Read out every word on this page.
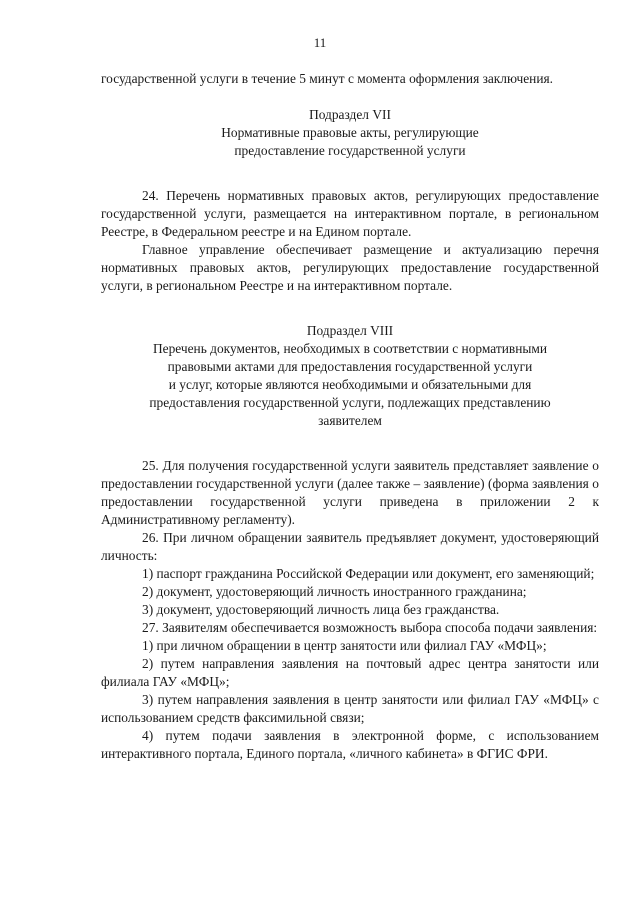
11

государственной услуги в течение 5 минут с момента оформления заключения.

Подраздел VII
Нормативные правовые акты, регулирующие
предоставление государственной услуги

24. Перечень нормативных правовых актов, регулирующих предоставление государственной услуги, размещается на интерактивном портале, в региональном Реестре, в Федеральном реестре и на Едином портале.

Главное управление обеспечивает размещение и актуализацию перечня нормативных правовых актов, регулирующих предоставление государственной услуги, в региональном Реестре и на интерактивном портале.

Подраздел VIII
Перечень документов, необходимых в соответствии с нормативными
правовыми актами для предоставления государственной услуги
и услуг, которые являются необходимыми и обязательными для
предоставления государственной услуги, подлежащих представлению
заявителем

25. Для получения государственной услуги заявитель представляет заявление о предоставлении государственной услуги (далее также – заявление) (форма заявления о предоставлении государственной услуги приведена в приложении 2 к Административному регламенту).

26. При личном обращении заявитель предъявляет документ, удостоверяющий личность:

1) паспорт гражданина Российской Федерации или документ, его заменяющий;

2) документ, удостоверяющий личность иностранного гражданина;

3) документ, удостоверяющий личность лица без гражданства.

27. Заявителям обеспечивается возможность выбора способа подачи заявления:

1) при личном обращении в центр занятости или филиал ГАУ «МФЦ»;

2) путем направления заявления на почтовый адрес центра занятости или филиала ГАУ «МФЦ»;

3) путем направления заявления в центр занятости или филиал ГАУ «МФЦ» с использованием средств факсимильной связи;

4) путем подачи заявления в электронной форме, с использованием интерактивного портала, Единого портала, «личного кабинета» в ФГИС ФРИ.
